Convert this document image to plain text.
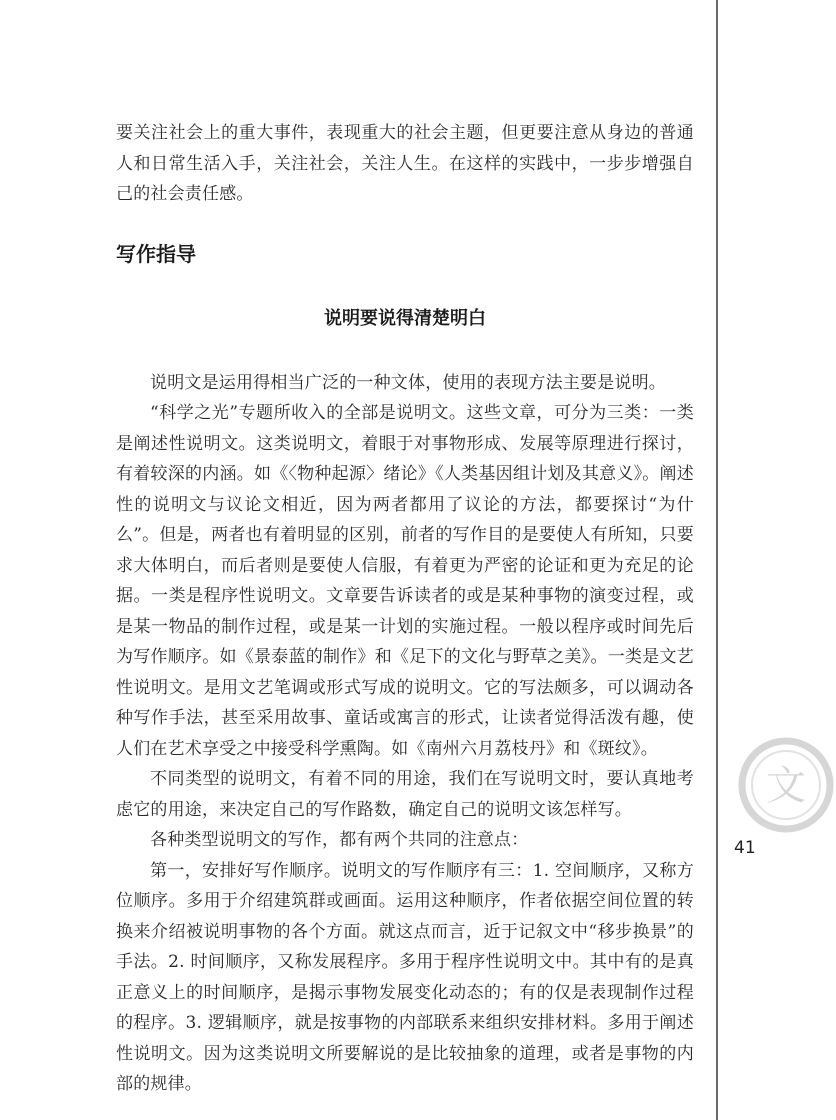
要关注社会上的重大事件，表现重大的社会主题，但更要注意从身边的普通人和日常生活入手，关注社会，关注人生。在这样的实践中，一步步增强自己的社会责任感。

写作指导
说明要说得清楚明白

说明文是运用得相当广泛的一种文体，使用的表现方法主要是说明。

“科学之光”专题所收入的全部是说明文。这些文章，可分为三类：一类是阐述性说明文。这类说明文，着眼于对事物形成、发展等原理进行探讨，有着较深的内涵。如《〈物种起源〉绪论》《人类基因组计划及其意义》。阐述性的说明文与议论文相近，因为两者都用了议论的方法，都要探讨“为什么”。但是，两者也有着明显的区别，前者的写作目的是要使人有所知，只要求大体明白，而后者则是要使人信服，有着更为严密的论证和更为充足的论据。一类是程序性说明文。文章要告诉读者的或是某种事物的演变过程，或是某一物品的制作过程，或是某一计划的实施过程。一般以程序或时间先后为写作顺序。如《景泰蓝的制作》和《足下的文化与野草之美》。一类是文艺性说明文。是用文艺笔调或形式写成的说明文。它的写法颇多，可以调动各种写作手法，甚至采用故事、童话或寓言的形式，让读者觉得活泼有趣，使人们在艺术享受之中接受科学熏陶。如《南州六月荔枝丹》和《斑纹》。

不同类型的说明文，有着不同的用途，我们在写说明文时，要认真地考虑它的用途，来决定自己的写作路数，确定自己的说明文该怎样写。

各种类型说明文的写作，都有两个共同的注意点：

第一，安排好写作顺序。说明文的写作顺序有三：1. 空间顺序，又称方位顺序。多用于介绍建筑群或画面。运用这种顺序，作者依据空间位置的转换来介绍被说明事物的各个方面。就这点而言，近于记叙文中“移步换景”的手法。2. 时间顺序，又称发展程序。多用于程序性说明文中。其中有的是真正意义上的时间顺序，是揭示事物发展变化动态的；有的仅是表现制作过程的程序。3. 逻辑顺序，就是按事物的内部联系来组织安排材料。多用于阐述性说明文。因为这类说明文所要解说的是比较抽象的道理，或者是事物的内部的规律。

文
41
